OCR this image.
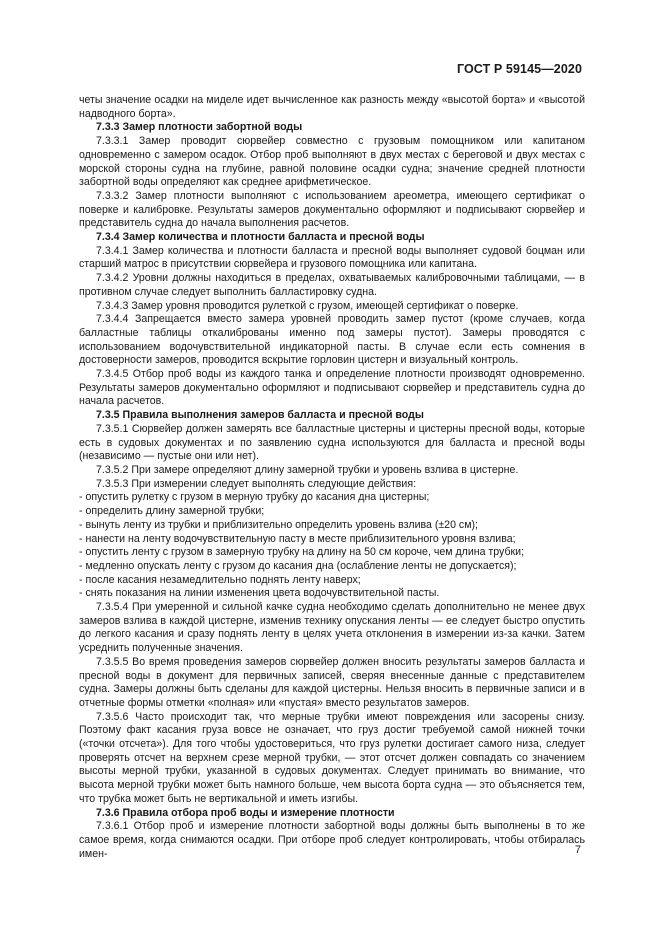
ГОСТ Р 59145—2020

четы значение осадки на миделе идет вычисленное как разность между «высотой борта» и «высотой надводного борта».

7.3.3 Замер плотности забортной воды

7.3.3.1 Замер проводит сюрвейер совместно с грузовым помощником или капитаном одновременно с замером осадок. Отбор проб выполняют в двух местах с береговой и двух местах с морской стороны судна на глубине, равной половине осадки судна; значение средней плотности забортной воды определяют как среднее арифметическое.

7.3.3.2 Замер плотности выполняют с использованием ареометра, имеющего сертификат о поверке и калибровке. Результаты замеров документально оформляют и подписывают сюрвейер и представитель судна до начала выполнения расчетов.

7.3.4 Замер количества и плотности балласта и пресной воды

7.3.4.1 Замер количества и плотности балласта и пресной воды выполняет судовой боцман или старший матрос в присутствии сюрвейера и грузового помощника или капитана.

7.3.4.2 Уровни должны находиться в пределах, охватываемых калибровочными таблицами, — в противном случае следует выполнить балластировку судна.

7.3.4.3 Замер уровня проводится рулеткой с грузом, имеющей сертификат о поверке.

7.3.4.4 Запрещается вместо замера уровней проводить замер пустот (кроме случаев, когда балластные таблицы откалиброваны именно под замеры пустот). Замеры проводятся с использованием водочувствительной индикаторной пасты. В случае если есть сомнения в достоверности замеров, проводится вскрытие горловин цистерн и визуальный контроль.

7.3.4.5 Отбор проб воды из каждого танка и определение плотности производят одновременно. Результаты замеров документально оформляют и подписывают сюрвейер и представитель судна до начала расчетов.

7.3.5 Правила выполнения замеров балласта и пресной воды

7.3.5.1 Сюрвейер должен замерять все балластные цистерны и цистерны пресной воды, которые есть в судовых документах и по заявлению судна используются для балласта и пресной воды (независимо — пустые они или нет).

7.3.5.2 При замере определяют длину замерной трубки и уровень взлива в цистерне.

7.3.5.3 При измерении следует выполнять следующие действия:

- опустить рулетку с грузом в мерную трубку до касания дна цистерны;

- определить длину замерной трубки;

- вынуть ленту из трубки и приблизительно определить уровень взлива (±20 см);

- нанести на ленту водочувствительную пасту в месте приблизительного уровня взлива;

- опустить ленту с грузом в замерную трубку на длину на 50 см короче, чем длина трубки;

- медленно опускать ленту с грузом до касания дна (ослабление ленты не допускается);

- после касания незамедлительно поднять ленту наверх;

- снять показания на линии изменения цвета водочувствительной пасты.

7.3.5.4 При умеренной и сильной качке судна необходимо сделать дополнительно не менее двух замеров взлива в каждой цистерне, изменив технику опускания ленты — ее следует быстро опустить до легкого касания и сразу поднять ленту в целях учета отклонения в измерении из-за качки. Затем усреднить полученные значения.

7.3.5.5 Во время проведения замеров сюрвейер должен вносить результаты замеров балласта и пресной воды в документ для первичных записей, сверяя внесенные данные с представителем судна. Замеры должны быть сделаны для каждой цистерны. Нельзя вносить в первичные записи и в отчетные формы отметки «полная» или «пустая» вместо результатов замеров.

7.3.5.6 Часто происходит так, что мерные трубки имеют повреждения или засорены снизу. Поэтому факт касания груза вовсе не означает, что груз достиг требуемой самой нижней точки («точки отсчета»). Для того чтобы удостовериться, что груз рулетки достигает самого низа, следует проверять отсчет на верхнем срезе мерной трубки, — этот отсчет должен совпадать со значением высоты мерной трубки, указанной в судовых документах. Следует принимать во внимание, что высота мерной трубки может быть намного больше, чем высота борта судна — это объясняется тем, что трубка может быть не вертикальной и иметь изгибы.

7.3.6 Правила отбора проб воды и измерение плотности

7.3.6.1 Отбор проб и измерение плотности забортной воды должны быть выполнены в то же самое время, когда снимаются осадки. При отборе проб следует контролировать, чтобы отбиралась имен-	7
